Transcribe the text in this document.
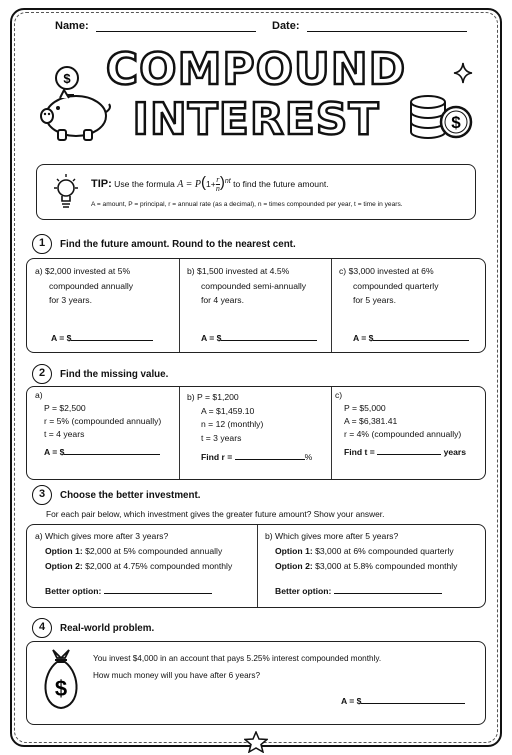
Name:	Date:
COMPOUND
INTEREST
$
$
TIP: Use the formula $A = P(1+ \frac{r}{n} )^{nt}$ to find the future amount.
A = amount, P = principal, r = annual rate (as a decimal), n = times compounded per year, t = time in years.
1	Find the future amount. Round to the nearest cent.
a) $2,000 invested at 5%
compounded annually
for 3 years.
A = $
b) $1,500 invested at 4.5%
compounded semi-annually
for 4 years.
A = $
c) $3,000 invested at 6%
compounded quarterly
for 5 years.
A = $
2	Find the missing value.
a)
P = $2,500
r = 5% (compounded annually)
t = 4 years
A = $
b) P = $1,200
A = $1,459.10
n = 12 (monthly)
t = 3 years
Find r =	%
c)
P = $5,000
A = $6,381.41
r = 4% (compounded annually)
Find t =	years
3	Choose the better investment.
For each pair below, which investment gives the greater future amount? Show your answer.
a) Which gives more after 3 years?
Option 1: $2,000 at 5% compounded annually
Option 2: $2,000 at 4.75% compounded monthly
Better option:
b) Which gives more after 5 years?
Option 1: $3,000 at 6% compounded quarterly
Option 2: $3,000 at 5.8% compounded monthly
Better option:
4	Real-world problem.
$
You invest $4,000 in an account that pays 5.25% interest compounded monthly.
How much money will you have after 6 years?
A = $
